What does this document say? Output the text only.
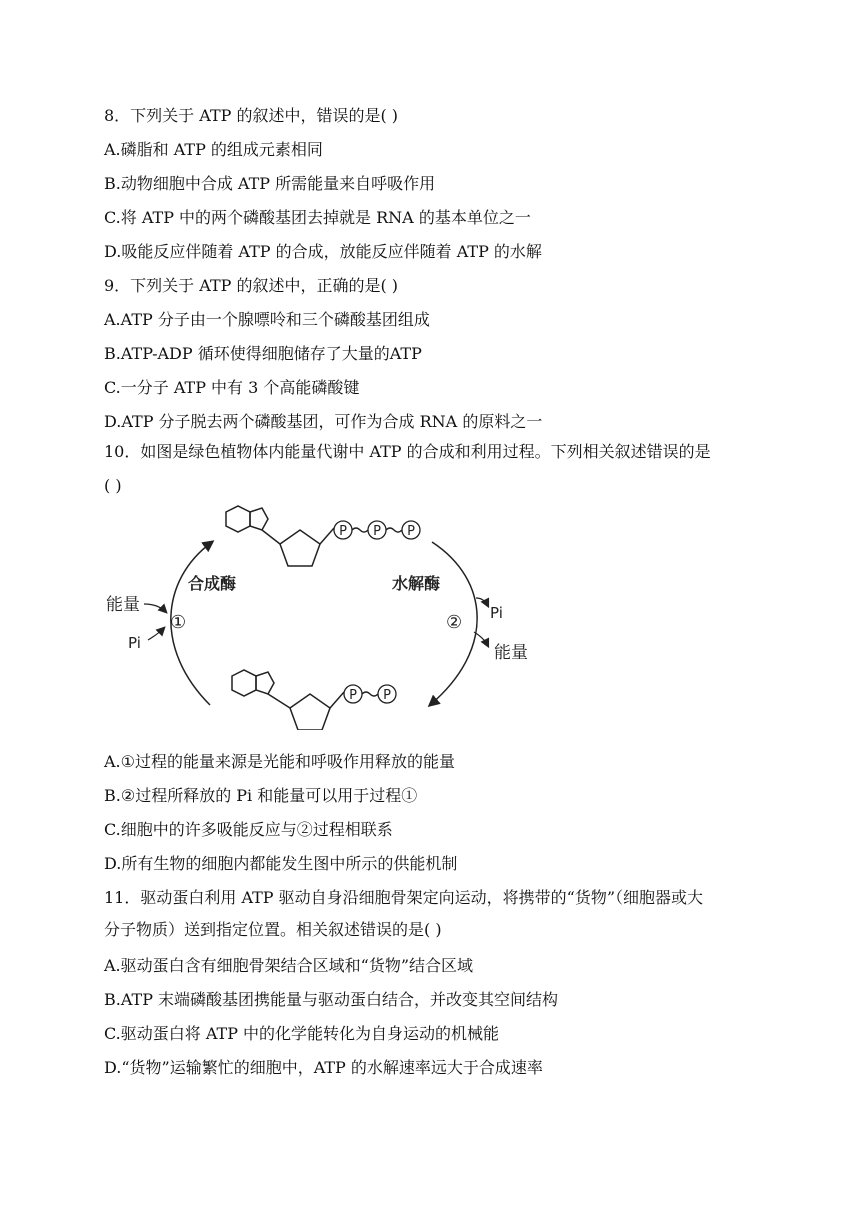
8．下列关于 ATP 的叙述中，错误的是( )
A.磷脂和 ATP 的组成元素相同
B.动物细胞中合成 ATP 所需能量来自呼吸作用
C.将 ATP 中的两个磷酸基团去掉就是 RNA 的基本单位之一
D.吸能反应伴随着 ATP 的合成，放能反应伴随着 ATP 的水解
9．下列关于 ATP 的叙述中，正确的是( )
A.ATP 分子由一个腺嘌呤和三个磷酸基团组成
B.ATP-ADP 循环使得细胞储存了大量的ATP
C.一分子 ATP 中有 3 个高能磷酸键
D.ATP 分子脱去两个磷酸基团，可作为合成 RNA 的原料之一
10．如图是绿色植物体内能量代谢中 ATP 的合成和利用过程。下列相关叙述错误的是
( )
P P P
P P
合成酶	水解酶
能量
Pi
①	② Pi
能量
A.①过程的能量来源是光能和呼吸作用释放的能量
B.②过程所释放的 Pi 和能量可以用于过程①
C.细胞中的许多吸能反应与②过程相联系
D.所有生物的细胞内都能发生图中所示的供能机制
11．驱动蛋白利用 ATP 驱动自身沿细胞骨架定向运动，将携带的“货物”（细胞器或大
分子物质）送到指定位置。相关叙述错误的是( )
A.驱动蛋白含有细胞骨架结合区域和“货物”结合区域
B.ATP 末端磷酸基团携能量与驱动蛋白结合，并改变其空间结构
C.驱动蛋白将 ATP 中的化学能转化为自身运动的机械能
D.“货物”运输繁忙的细胞中，ATP 的水解速率远大于合成速率
